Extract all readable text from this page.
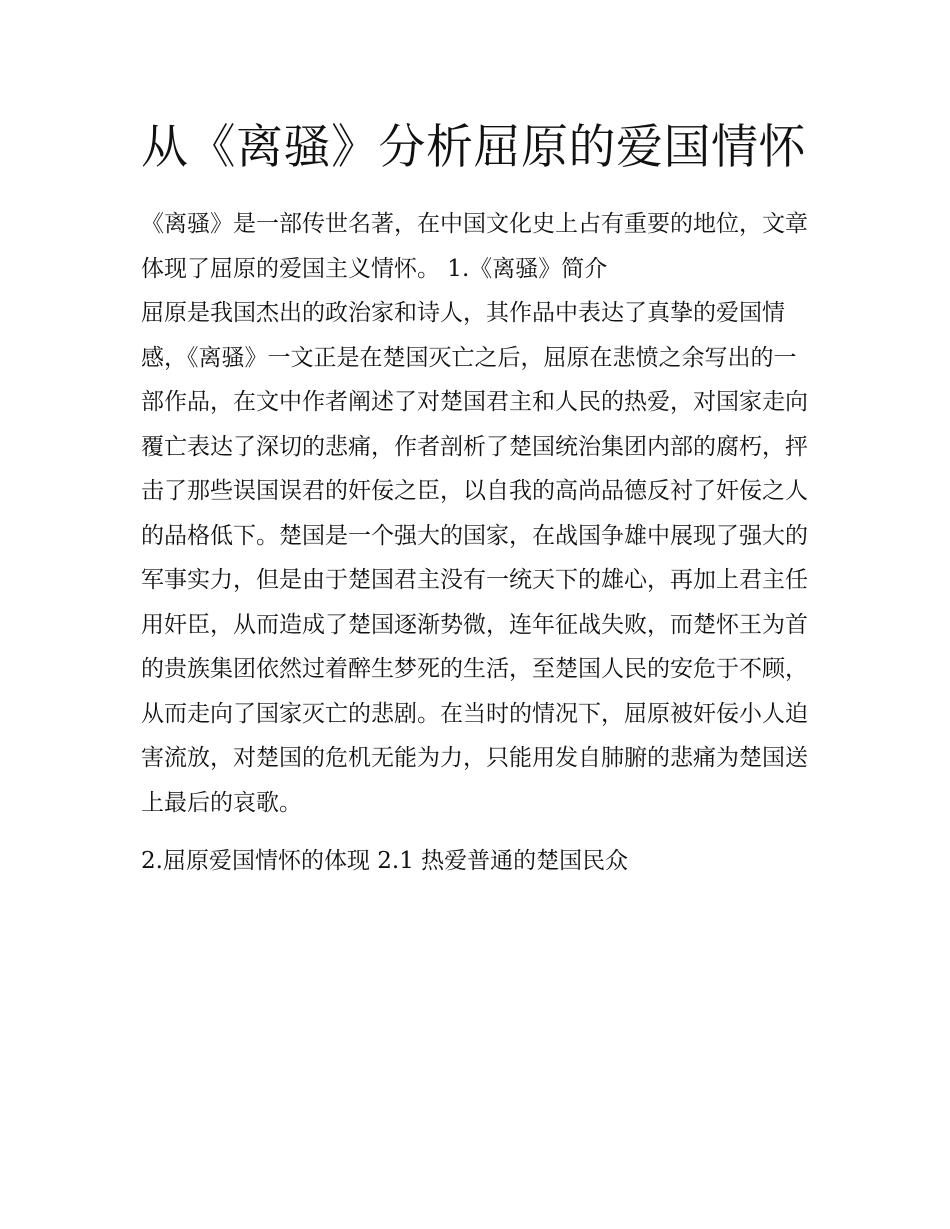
从《离骚》分析屈原的爱国情怀

《离骚》是一部传世名著，在中国文化史上占有重要的地位，文章体现了屈原的爱国主义情怀。 1.《离骚》简介

屈原是我国杰出的政治家和诗人，其作品中表达了真挚的爱国情感，《离骚》一文正是在楚国灭亡之后，屈原在悲愤之余写出的一部作品，在文中作者阐述了对楚国君主和人民的热爱，对国家走向覆亡表达了深切的悲痛，作者剖析了楚国统治集团内部的腐朽，抨击了那些误国误君的奸佞之臣，以自我的高尚品德反衬了奸佞之人的品格低下。楚国是一个强大的国家，在战国争雄中展现了强大的军事实力，但是由于楚国君主没有一统天下的雄心，再加上君主任用奸臣，从而造成了楚国逐渐势微，连年征战失败，而楚怀王为首的贵族集团依然过着醉生梦死的生活，至楚国人民的安危于不顾，从而走向了国家灭亡的悲剧。在当时的情况下，屈原被奸佞小人迫害流放，对楚国的危机无能为力，只能用发自肺腑的悲痛为楚国送上最后的哀歌。

2.屈原爱国情怀的体现 2.1 热爱普通的楚国民众
